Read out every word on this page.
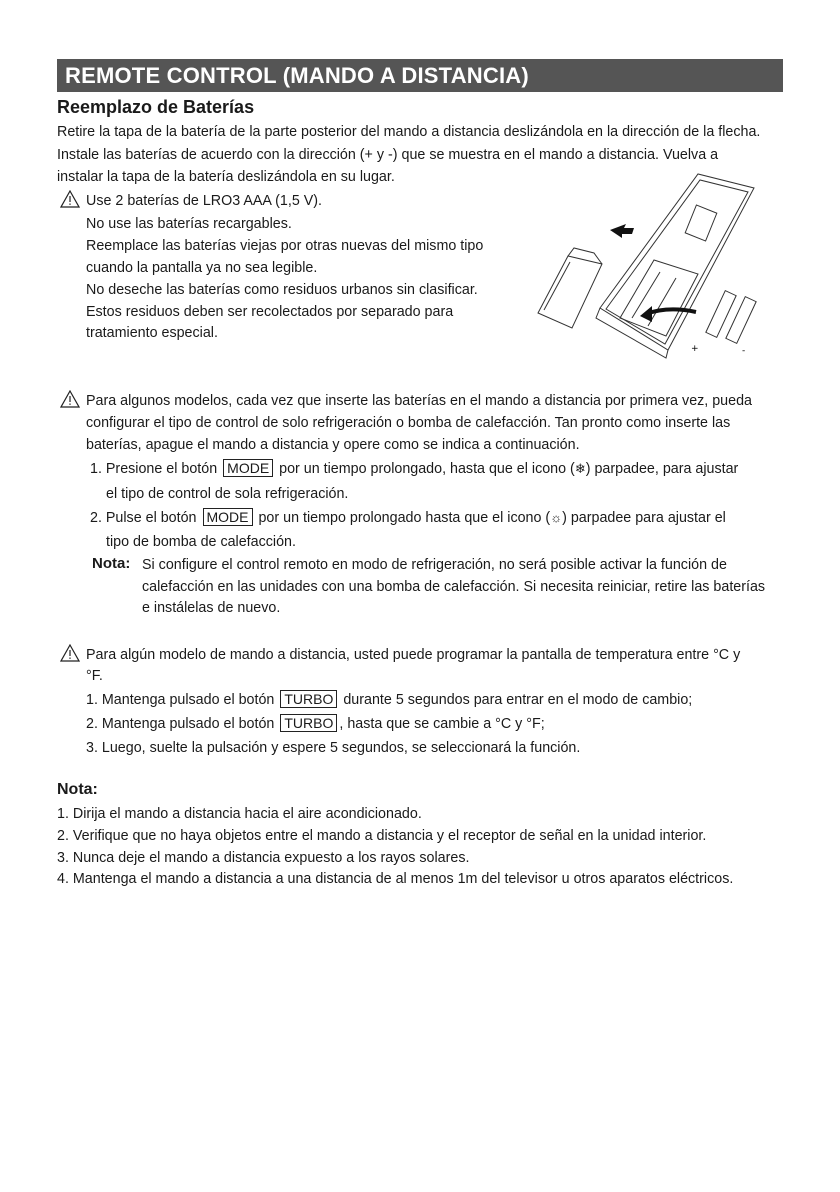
REMOTE CONTROL (MANDO A DISTANCIA)
Reemplazo de Baterías
Retire la tapa de la batería de la parte posterior del mando a distancia deslizándola en la dirección de la flecha.
Instale las baterías de acuerdo con la dirección (+ y -) que se muestra en el mando a distancia. Vuelva a
instalar la tapa de la batería deslizándola en su lugar.
Use 2 baterías de LRO3 AAA (1,5 V).
No use las baterías recargables.
Reemplace las baterías viejas por otras nuevas del mismo tipo
cuando la pantalla ya no sea legible.
No deseche las baterías como residuos urbanos sin clasificar.
Estos residuos deben ser recolectados por separado para
tratamiento especial.
+	-
Para algunos modelos, cada vez que inserte las baterías en el mando a distancia por primera vez, pueda
configurar el tipo de control de solo refrigeración o bomba de calefacción. Tan pronto como inserte las
baterías, apague el mando a distancia y opere como se indica a continuación.
1. Presione el botón MODE por un tiempo prolongado, hasta que el icono (❄) parpadee, para ajustar
el tipo de control de sola refrigeración.
2. Pulse el botón MODE por un tiempo prolongado hasta que el icono (☼) parpadee para ajustar el
tipo de bomba de calefacción.
Nota: Si configure el control remoto en modo de refrigeración, no será posible activar la función de
calefacción en las unidades con una bomba de calefacción. Si necesita reiniciar, retire las baterías
e instálelas de nuevo.
Para algún modelo de mando a distancia, usted puede programar la pantalla de temperatura entre °C y
°F.
1. Mantenga pulsado el botón TURBO durante 5 segundos para entrar en el modo de cambio;
2. Mantenga pulsado el botón TURBO , hasta que se cambie a °C y °F;
3. Luego, suelte la pulsación y espere 5 segundos, se seleccionará la función.
Nota:
1. Dirija el mando a distancia hacia el aire acondicionado.
2. Verifique que no haya objetos entre el mando a distancia y el receptor de señal en la unidad interior.
3. Nunca deje el mando a distancia expuesto a los rayos solares.
4. Mantenga el mando a distancia a una distancia de al menos 1m del televisor u otros aparatos eléctricos.
